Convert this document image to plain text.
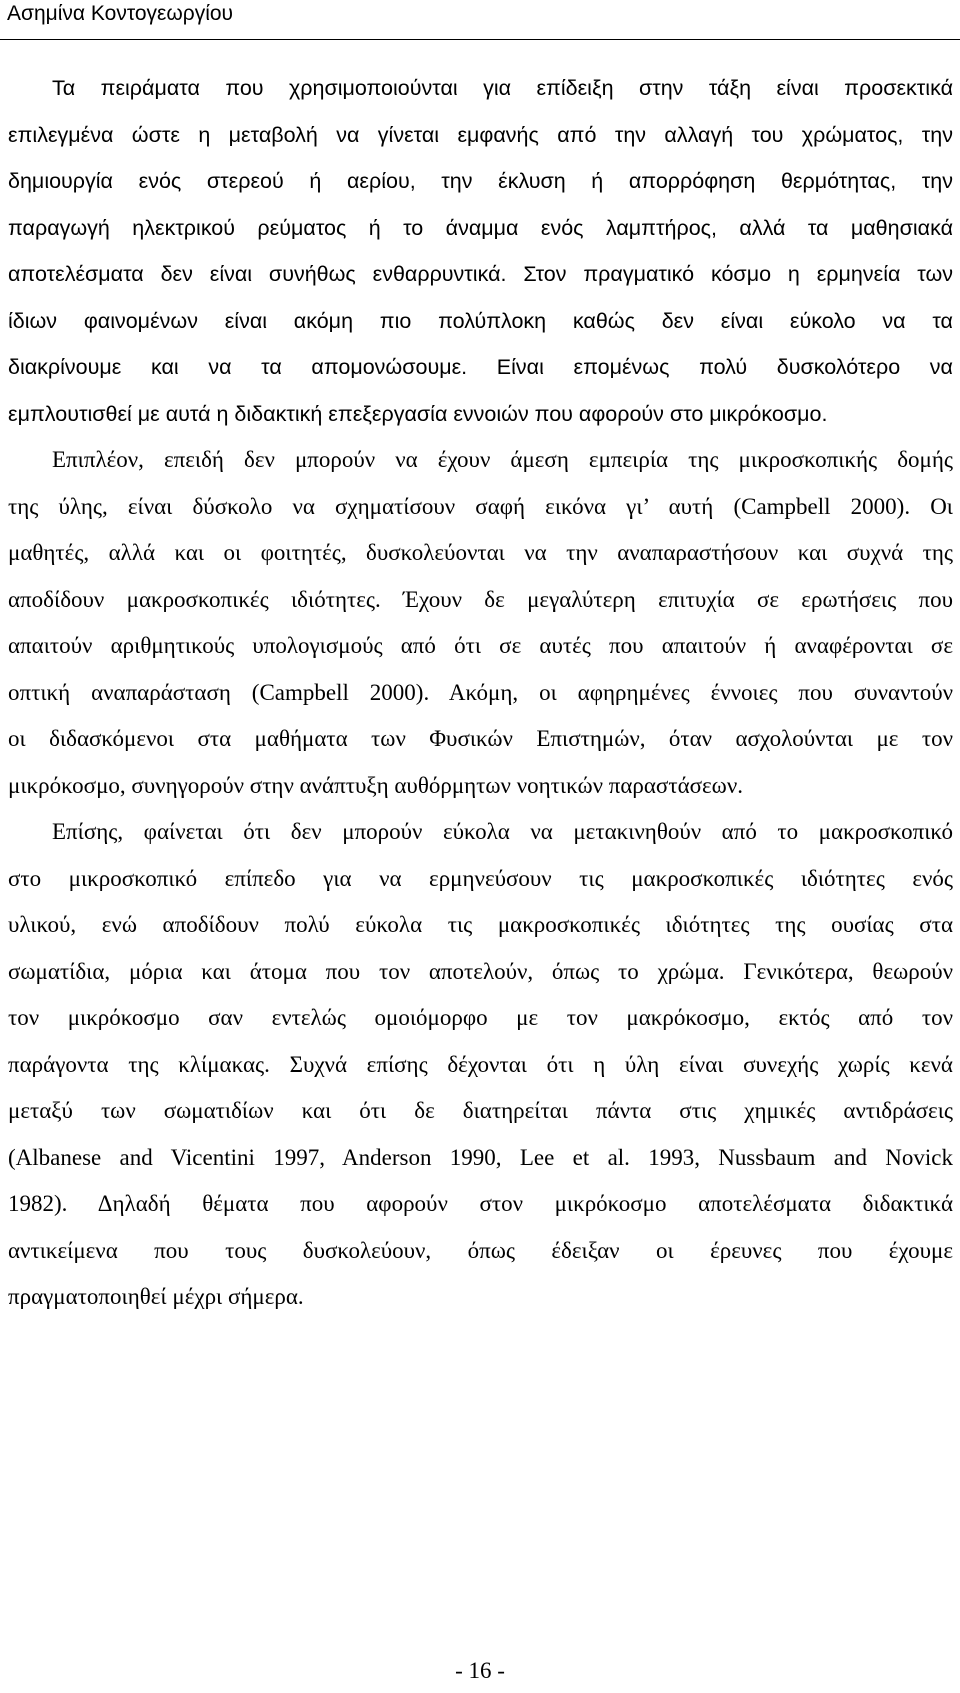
Ασημίνα Κοντογεωργίου
Τα πειράματα που χρησιμοποιούνται για επίδειξη στην τάξη είναι προσεκτικά
επιλεγμένα ώστε η μεταβολή να γίνεται εμφανής από την αλλαγή του χρώματος, την
δημιουργία ενός στερεού ή αερίου, την έκλυση ή απορρόφηση θερμότητας, την
παραγωγή ηλεκτρικού ρεύματος ή το άναμμα ενός λαμπτήρος, αλλά τα μαθησιακά
αποτελέσματα δεν είναι συνήθως ενθαρρυντικά. Στον πραγματικό κόσμο η ερμηνεία των
ίδιων φαινομένων είναι ακόμη πιο πολύπλοκη καθώς δεν είναι εύκολο να τα
διακρίνουμε και να τα απομονώσουμε. Είναι επομένως πολύ δυσκολότερο να
εμπλουτισθεί με αυτά η διδακτική επεξεργασία εννοιών που αφορούν στο μικρόκοσμο.
Επιπλέον, επειδή δεν μπορούν να έχουν άμεση εμπειρία της μικροσκοπικής δομής
της ύλης, είναι δύσκολο να σχηματίσουν σαφή εικόνα γι’ αυτή (Campbell 2000). Οι
μαθητές, αλλά και οι φοιτητές, δυσκολεύονται να την αναπαραστήσουν και συχνά της
αποδίδουν μακροσκοπικές ιδιότητες. Έχουν δε μεγαλύτερη επιτυχία σε ερωτήσεις που
απαιτούν αριθμητικούς υπολογισμούς από ότι σε αυτές που απαιτούν ή αναφέρονται σε
οπτική αναπαράσταση (Campbell 2000). Ακόμη, οι αφηρημένες έννοιες που συναντούν
οι διδασκόμενοι στα μαθήματα των Φυσικών Επιστημών, όταν ασχολούνται με τον
μικρόκοσμο, συνηγορούν στην ανάπτυξη αυθόρμητων νοητικών παραστάσεων.
Επίσης, φαίνεται ότι δεν μπορούν εύκολα να μετακινηθούν από το μακροσκοπικό
στο μικροσκοπικό επίπεδο για να ερμηνεύσουν τις μακροσκοπικές ιδιότητες ενός
υλικού, ενώ αποδίδουν πολύ εύκολα τις μακροσκοπικές ιδιότητες της ουσίας στα
σωματίδια, μόρια και άτομα που τον αποτελούν, όπως το χρώμα. Γενικότερα, θεωρούν
τον μικρόκοσμο σαν εντελώς ομοιόμορφο με τον μακρόκοσμο, εκτός από τον
παράγοντα της κλίμακας. Συχνά επίσης δέχονται ότι η ύλη είναι συνεχής χωρίς κενά
μεταξύ των σωματιδίων και ότι δε διατηρείται πάντα στις χημικές αντιδράσεις
(Albanese and Vicentini 1997, Anderson 1990, Lee et al. 1993, Nussbaum and Novick
1982). Δηλαδή θέματα που αφορούν στον μικρόκοσμο αποτελέσματα διδακτικά
αντικείμενα που τους δυσκολεύουν, όπως έδειξαν οι έρευνες που έχουμε
πραγματοποιηθεί μέχρι σήμερα.
- 16 -
